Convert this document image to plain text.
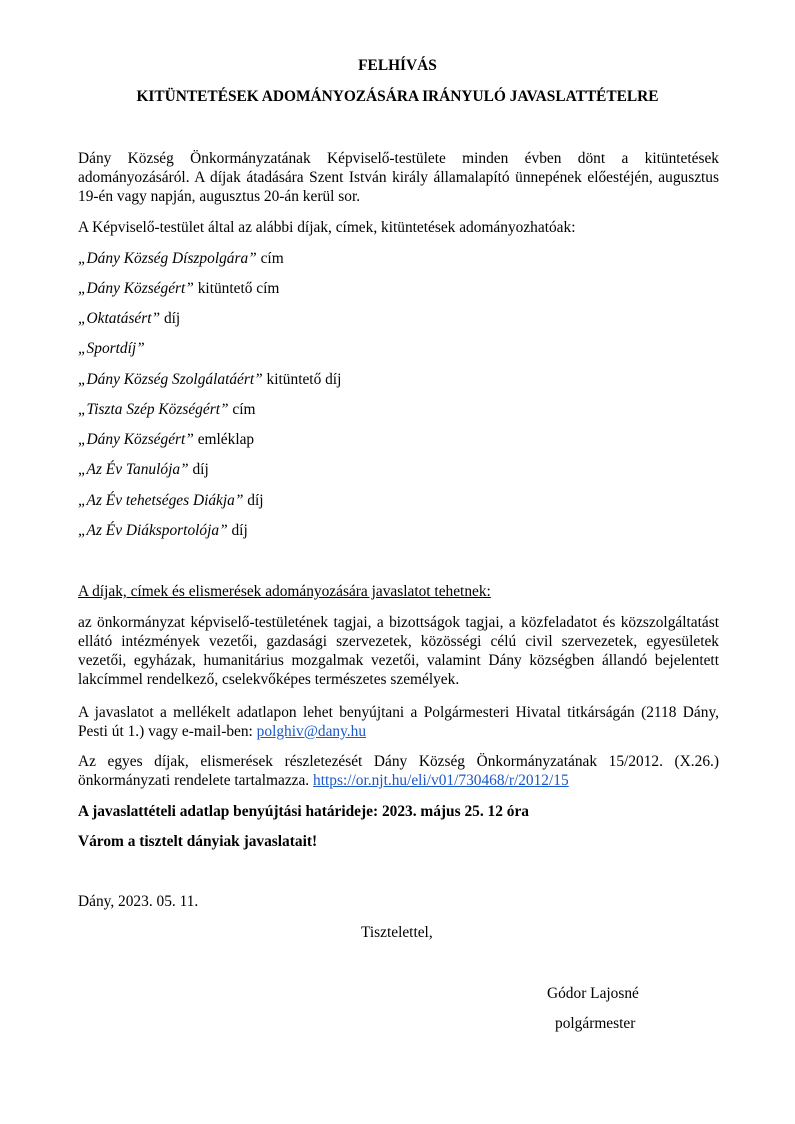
FELHÍVÁS
KITÜNTETÉSEK ADOMÁNYOZÁSÁRA IRÁNYULÓ JAVASLATTÉTELRE
Dány Község Önkormányzatának Képviselő-testülete minden évben dönt a kitüntetések adományozásáról. A díjak átadására Szent István király államalapító ünnepének előestéjén, augusztus 19-én vagy napján, augusztus 20-án kerül sor.
A Képviselő-testület által az alábbi díjak, címek, kitüntetések adományozhatóak:
„Dány Község Díszpolgára” cím
„Dány Községért” kitüntető cím
„Oktatásért” díj
„Sportdíj”
„Dány Község Szolgálatáért” kitüntető díj
„Tiszta Szép Községért” cím
„Dány Községért” emléklap
„Az Év Tanulója” díj
„Az Év tehetséges Diákja” díj
„Az Év Diáksportolója” díj
A díjak, címek és elismerések adományozására javaslatot tehetnek:
az önkormányzat képviselő-testületének tagjai, a bizottságok tagjai, a közfeladatot és közszolgáltatást ellátó intézmények vezetői, gazdasági szervezetek, közösségi célú civil szervezetek, egyesületek vezetői, egyházak, humanitárius mozgalmak vezetői, valamint Dány községben állandó bejelentett lakcímmel rendelkező, cselekvőképes természetes személyek.
A javaslatot a mellékelt adatlapon lehet benyújtani a Polgármesteri Hivatal titkárságán (2118 Dány, Pesti út 1.) vagy e-mail-ben: polghiv@dany.hu
Az egyes díjak, elismerések részletezését Dány Község Önkormányzatának 15/2012. (X.26.) önkormányzati rendelete tartalmazza. https://or.njt.hu/eli/v01/730468/r/2012/15
A javaslattételi adatlap benyújtási határideje: 2023. május 25. 12 óra
Várom a tisztelt dányiak javaslatait!
Dány, 2023. 05. 11.
Tisztelettel,
Gódor Lajosné
polgármester
